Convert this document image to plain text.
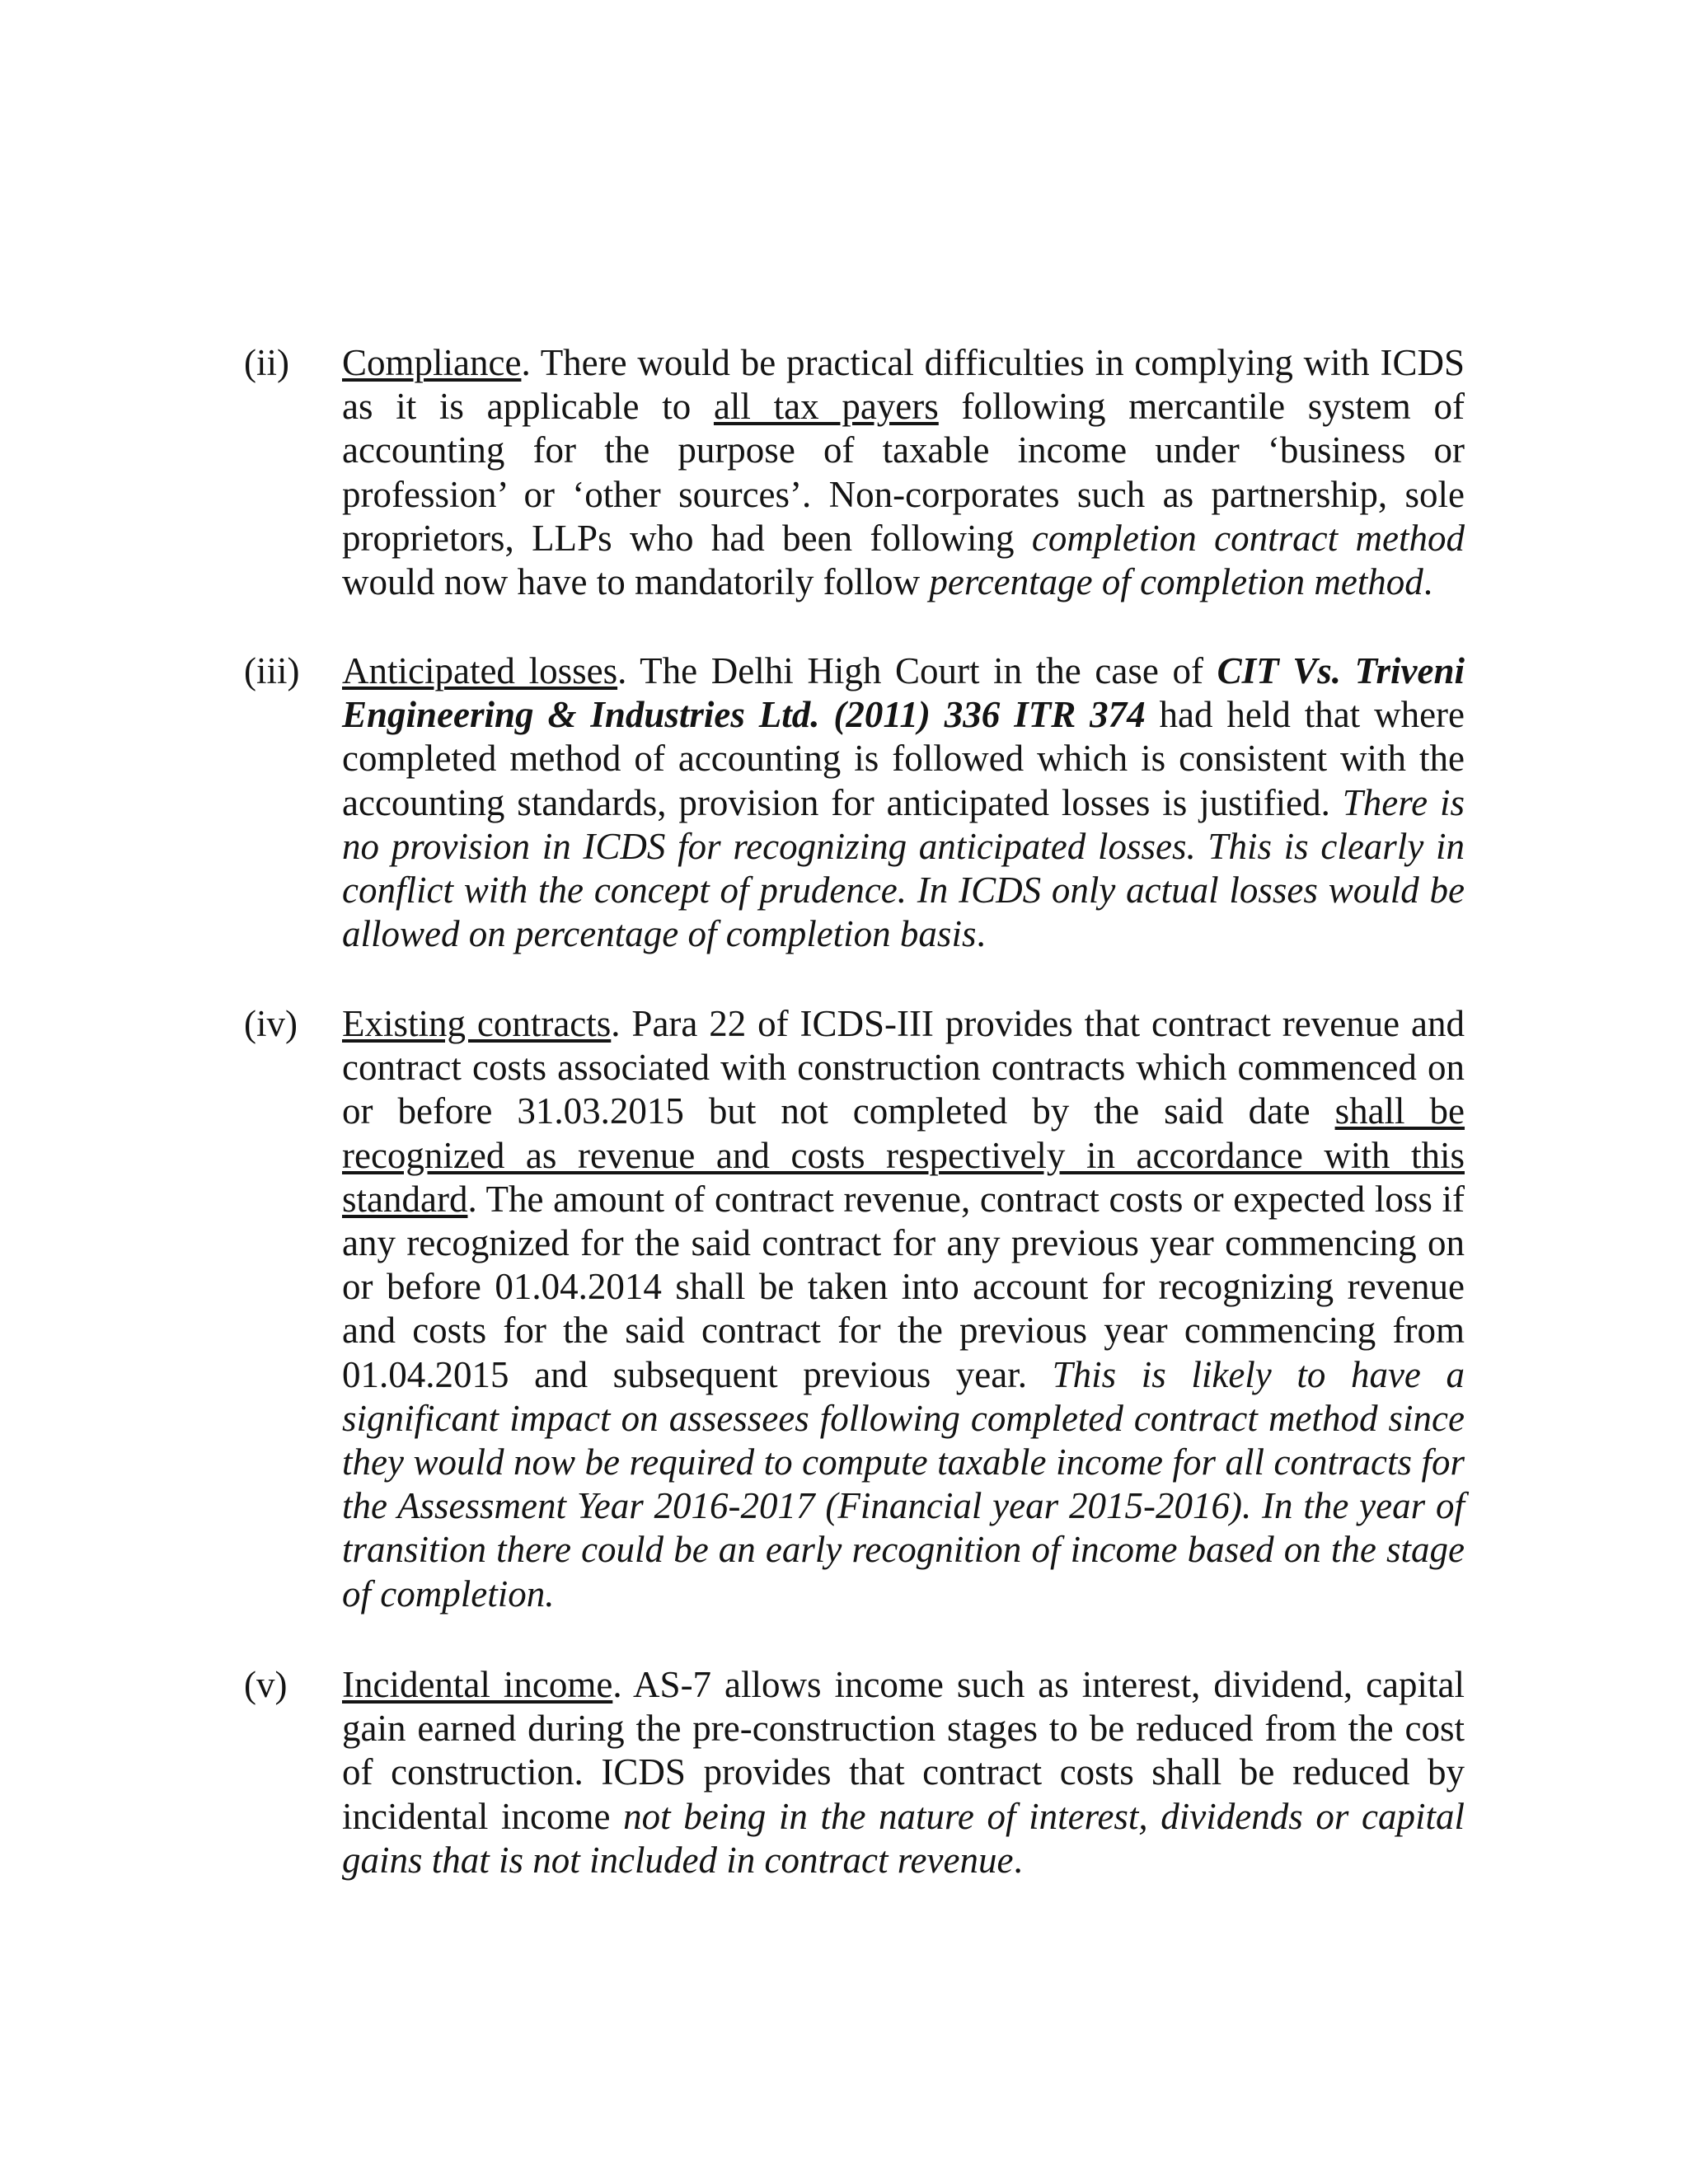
(ii) Compliance. There would be practical difficulties in complying with ICDS as it is applicable to all tax payers following mercantile system of accounting for the purpose of taxable income under ‘business or profession’ or ‘other sources’. Non-corporates such as partnership, sole proprietors, LLPs who had been following completion contract method would now have to mandatorily follow percentage of completion method.

(iii) Anticipated losses. The Delhi High Court in the case of CIT Vs. Triveni Engineering & Industries Ltd. (2011) 336 ITR 374 had held that where completed method of accounting is followed which is consistent with the accounting standards, provision for anticipated losses is justified. There is no provision in ICDS for recognizing anticipated losses. This is clearly in conflict with the concept of prudence. In ICDS only actual losses would be allowed on percentage of completion basis.

(iv) Existing contracts. Para 22 of ICDS-III provides that contract revenue and contract costs associated with construction contracts which commenced on or before 31.03.2015 but not completed by the said date shall be recognized as revenue and costs respectively in accordance with this standard. The amount of contract revenue, contract costs or expected loss if any recognized for the said contract for any previous year commencing on or before 01.04.2014 shall be taken into account for recognizing revenue and costs for the said contract for the previous year commencing from 01.04.2015 and subsequent previous year. This is likely to have a significant impact on assessees following completed contract method since they would now be required to compute taxable income for all contracts for the Assessment Year 2016-2017 (Financial year 2015-2016). In the year of transition there could be an early recognition of income based on the stage of completion.

(v) Incidental income. AS-7 allows income such as interest, dividend, capital gain earned during the pre-construction stages to be reduced from the cost of construction. ICDS provides that contract costs shall be reduced by incidental income not being in the nature of interest, dividends or capital gains that is not included in contract revenue.
